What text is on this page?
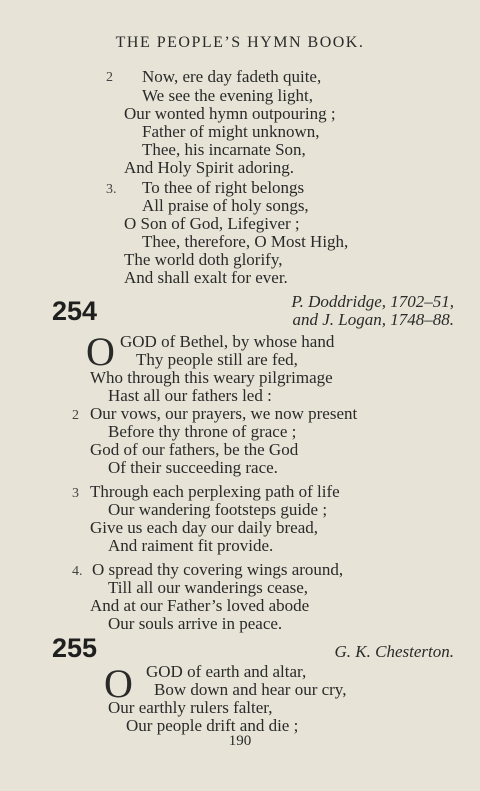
THE PEOPLE’S HYMN BOOK.
2 Now, ere day fadeth quite,
We see the evening light,
Our wonted hymn outpouring ;
Father of might unknown,
Thee, his incarnate Son,
And Holy Spirit adoring.
3. To thee of right belongs
All praise of holy songs,
O Son of God, Lifegiver ;
Thee, therefore, O Most High,
The world doth glorify,
And shall exalt for ever.
254	P. Doddridge, 1702–51,
and J. Logan, 1748–88.
O GOD of Bethel, by whose hand
Thy people still are fed,
Who through this weary pilgrimage
Hast all our fathers led :
2 Our vows, our prayers, we now present
Before thy throne of grace ;
God of our fathers, be the God
Of their succeeding race.
3 Through each perplexing path of life
Our wandering footsteps guide ;
Give us each day our daily bread,
And raiment fit provide.
4. O spread thy covering wings around,
Till all our wanderings cease,
And at our Father’s loved abode
Our souls arrive in peace.
255	G. K. Chesterton.
O GOD of earth and altar,
Bow down and hear our cry,
Our earthly rulers falter,
Our people drift and die ;
190
